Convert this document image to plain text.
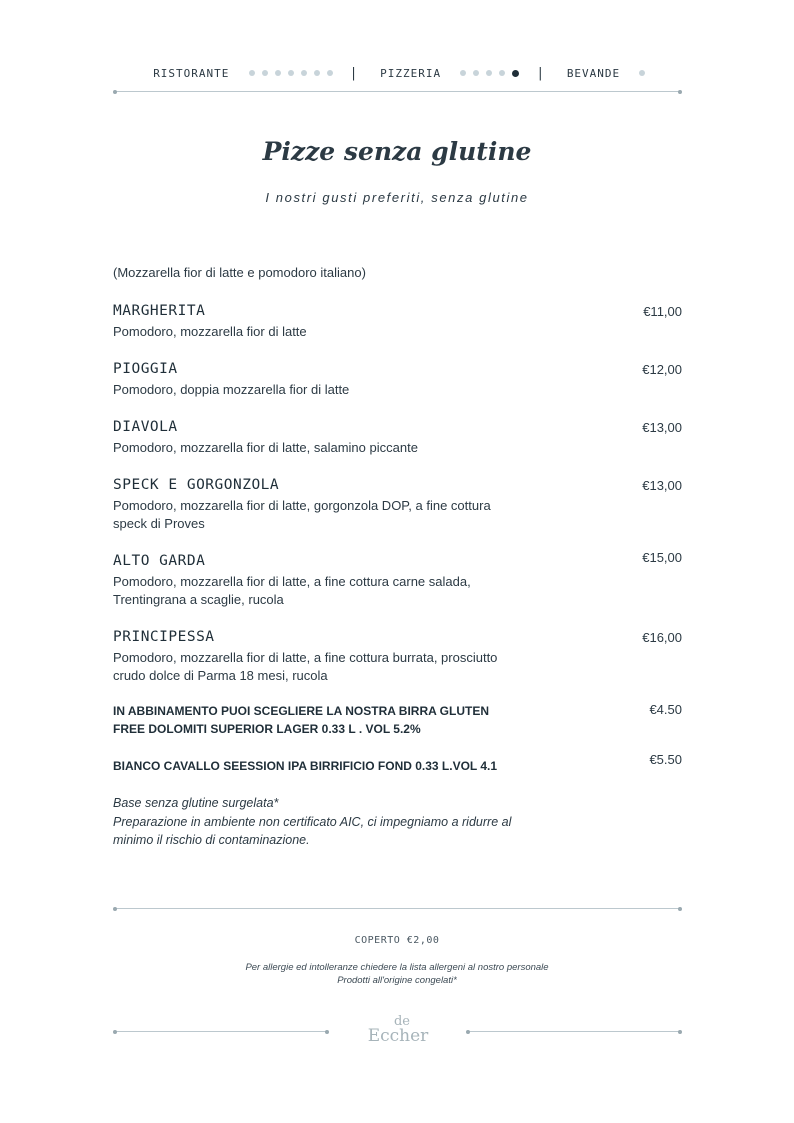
RISTORANTE	| PIZZERIA	| BEVANDE
Pizze senza glutine
I nostri gusti preferiti, senza glutine
(Mozzarella fior di latte e pomodoro italiano)
MARGHERITA
Pomodoro, mozzarella fior di latte
€11,00
PIOGGIA
Pomodoro, doppia mozzarella fior di latte
€12,00
DIAVOLA
Pomodoro, mozzarella fior di latte, salamino piccante
€13,00
SPECK E GORGONZOLA
Pomodoro, mozzarella fior di latte, gorgonzola DOP, a fine cottura speck di Proves
€13,00
ALTO GARDA
Pomodoro, mozzarella fior di latte, a fine cottura carne salada, Trentingrana a scaglie, rucola
€15,00
PRINCIPESSA
Pomodoro, mozzarella fior di latte, a fine cottura burrata, prosciutto crudo dolce di Parma 18 mesi, rucola
€16,00
IN ABBINAMENTO PUOI SCEGLIERE LA NOSTRA BIRRA GLUTEN FREE DOLOMITI SUPERIOR LAGER 0.33 L . VOL 5.2%
€4.50
BIANCO CAVALLO SEESSION IPA BIRRIFICIO FOND 0.33 L.VOL 4.1	€5.50
Base senza glutine surgelata*
Preparazione in ambiente non certificato AIC, ci impegniamo a ridurre al minimo il rischio di contaminazione.
COPERTO €2,00
Per allergie ed intolleranze chiedere la lista allergeni al nostro personale
Prodotti all'origine congelati*
de
Eccher
